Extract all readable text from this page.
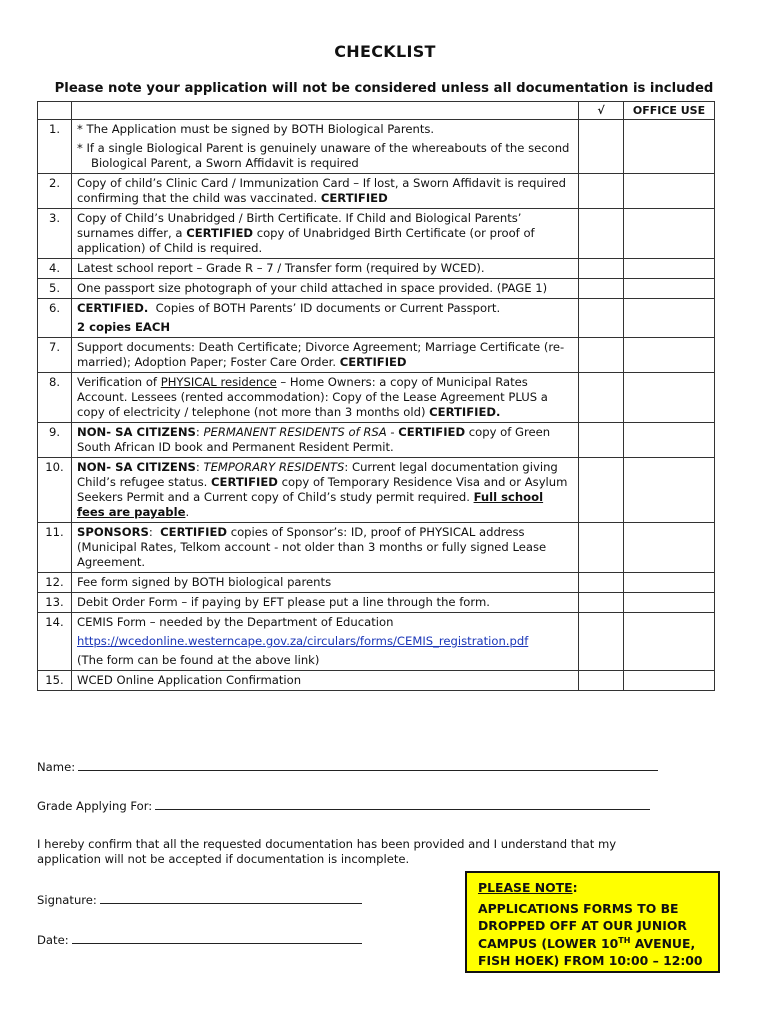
CHECKLIST
Please note your application will not be considered unless all documentation is included
		√	OFFICE USE
1.	* The Application must be signed by BOTH Biological Parents.
* If a single Biological Parent is genuinely unaware of the whereabouts of the second Biological Parent, a Sworn Affidavit is required		

2.	Copy of child’s Clinic Card / Immunization Card – If lost, a Sworn Affidavit is required confirming that the child was vaccinated. CERTIFIED		
3.	Copy of Child’s Unabridged / Birth Certificate. If Child and Biological Parents’ surnames differ, a CERTIFIED copy of Unabridged Birth Certificate (or proof of application) of Child is required.		
4.	Latest school report – Grade R – 7 / Transfer form (required by WCED).		
5.	One passport size photograph of your child attached in space provided. (PAGE 1)		
6.	CERTIFIED. Copies of BOTH Parents’ ID documents or Current Passport.
2 copies EACH		

7.	Support documents: Death Certificate; Divorce Agreement; Marriage Certificate (re-married); Adoption Paper; Foster Care Order. CERTIFIED		
8.	Verification of PHYSICAL residence – Home Owners: a copy of Municipal Rates Account. Lessees (rented accommodation): Copy of the Lease Agreement PLUS a copy of electricity / telephone (not more than 3 months old) CERTIFIED.		
9.	NON- SA CITIZENS: PERMANENT RESIDENTS of RSA - CERTIFIED copy of Green South African ID book and Permanent Resident Permit.		
10.	NON- SA CITIZENS: TEMPORARY RESIDENTS: Current legal documentation giving Child’s refugee status. CERTIFIED copy of Temporary Residence Visa and or Asylum Seekers Permit and a Current copy of Child’s study permit required. Full school fees are payable.		
11.	SPONSORS:  CERTIFIED copies of Sponsor’s: ID, proof of PHYSICAL address (Municipal Rates, Telkom account - not older than 3 months or fully signed Lease Agreement.		
12.	Fee form signed by BOTH biological parents		
13.	Debit Order Form – if paying by EFT please put a line through the form.		
14.	CEMIS Form – needed by the Department of Education
https://wcedonline.westerncape.gov.za/circulars/forms/CEMIS_registration.pdf
(The form can be found at the above link)		

15.	WCED Online Application Confirmation		
Name:
Grade Applying For:
I hereby confirm that all the requested documentation has been provided and I understand that my application will not be accepted if documentation is incomplete.
Signature:
Date:
PLEASE NOTE:
APPLICATIONS FORMS TO BE DROPPED OFF AT OUR JUNIOR CAMPUS (LOWER 10TH AVENUE, FISH HOEK) FROM 10:00 – 12:00
